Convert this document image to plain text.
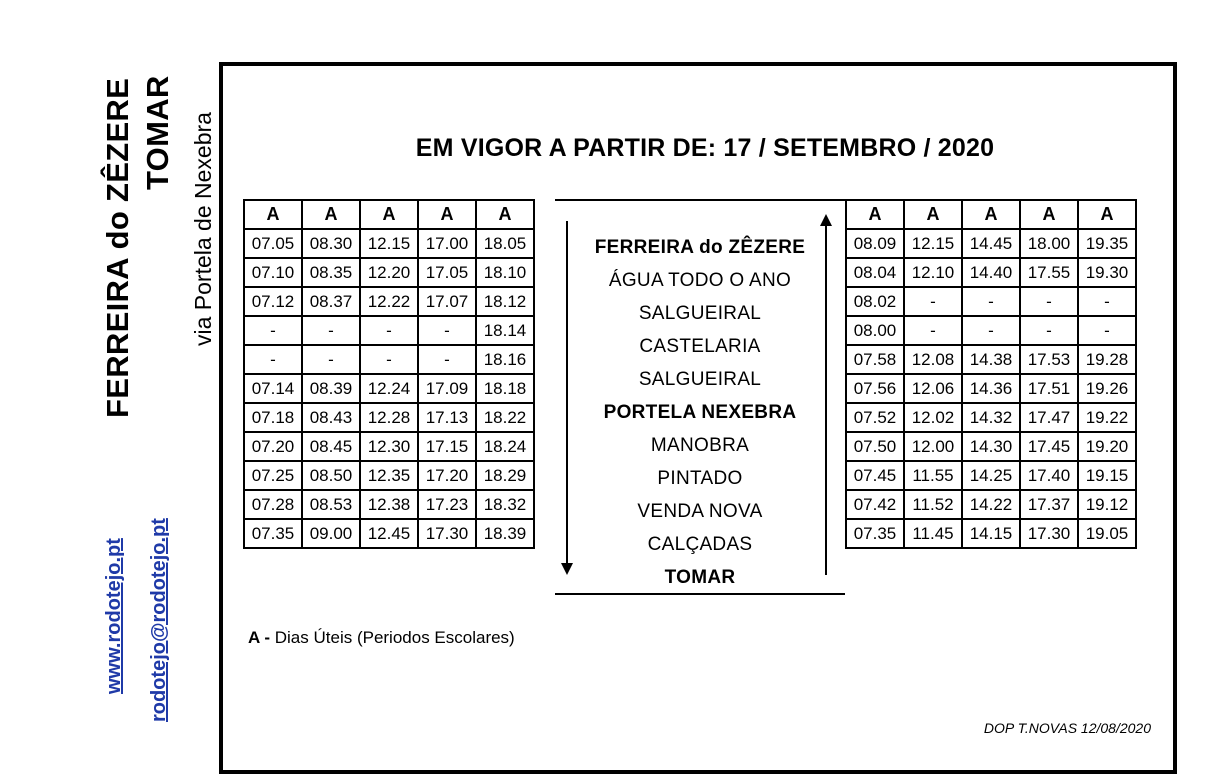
FERREIRA do ZÊZERE TOMAR via Portela de Nexebra
www.rodotejo.pt rodotejo@rodotejo.pt
EM VIGOR A PARTIR DE: 17 / SETEMBRO / 2020
A	A	A	A	A
07.05	08.30	12.15	17.00	18.05
07.10	08.35	12.20	17.05	18.10
07.12	08.37	12.22	17.07	18.12
-	-	-	-	18.14
-	-	-	-	18.16
07.14	08.39	12.24	17.09	18.18
07.18	08.43	12.28	17.13	18.22
07.20	08.45	12.30	17.15	18.24
07.25	08.50	12.35	17.20	18.29
07.28	08.53	12.38	17.23	18.32
07.35	09.00	12.45	17.30	18.39
FERREIRA do ZÊZERE
ÁGUA TODO O ANO
SALGUEIRAL
CASTELARIA
SALGUEIRAL
PORTELA NEXEBRA
MANOBRA
PINTADO
VENDA NOVA
CALÇADAS
TOMAR
A	A	A	A	A
08.09	12.15	14.45	18.00	19.35
08.04	12.10	14.40	17.55	19.30
08.02	-	-	-	-
08.00	-	-	-	-
07.58	12.08	14.38	17.53	19.28
07.56	12.06	14.36	17.51	19.26
07.52	12.02	14.32	17.47	19.22
07.50	12.00	14.30	17.45	19.20
07.45	11.55	14.25	17.40	19.15
07.42	11.52	14.22	17.37	19.12
07.35	11.45	14.15	17.30	19.05
A - Dias Úteis (Periodos Escolares)
DOP T.NOVAS 12/08/2020
